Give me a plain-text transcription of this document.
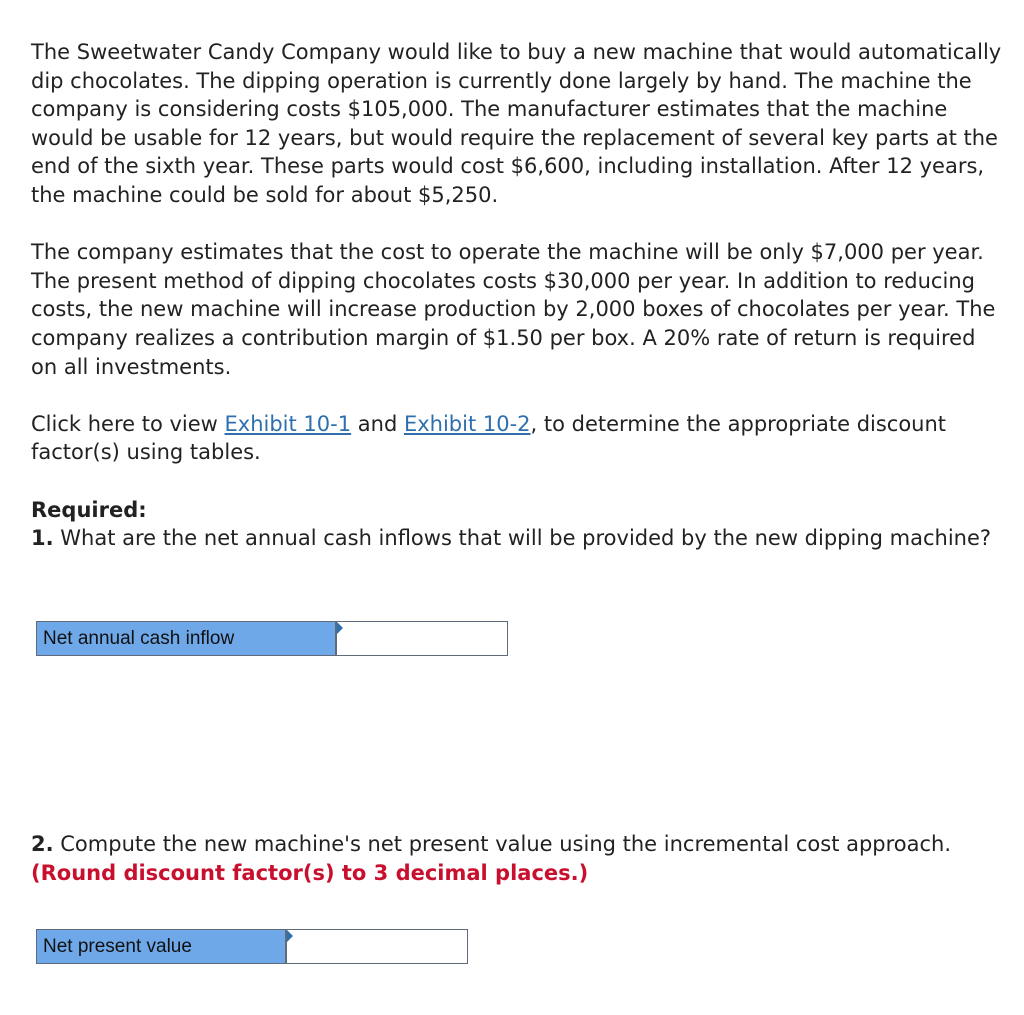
The Sweetwater Candy Company would like to buy a new machine that would automatically dip chocolates. The dipping operation is currently done largely by hand. The machine the company is considering costs $105,000. The manufacturer estimates that the machine would be usable for 12 years, but would require the replacement of several key parts at the end of the sixth year. These parts would cost $6,600, including installation. After 12 years, the machine could be sold for about $5,250.

The company estimates that the cost to operate the machine will be only $7,000 per year. The present method of dipping chocolates costs $30,000 per year. In addition to reducing costs, the new machine will increase production by 2,000 boxes of chocolates per year. The company realizes a contribution margin of $1.50 per box. A 20% rate of return is required on all investments.

Click here to view Exhibit 10-1 and Exhibit 10-2, to determine the appropriate discount factor(s) using tables.

Required:
1. What are the net annual cash inflows that will be provided by the new dipping machine?
Net annual cash inflow
2. Compute the new machine's net present value using the incremental cost approach.
(Round discount factor(s) to 3 decimal places.)
Net present value
